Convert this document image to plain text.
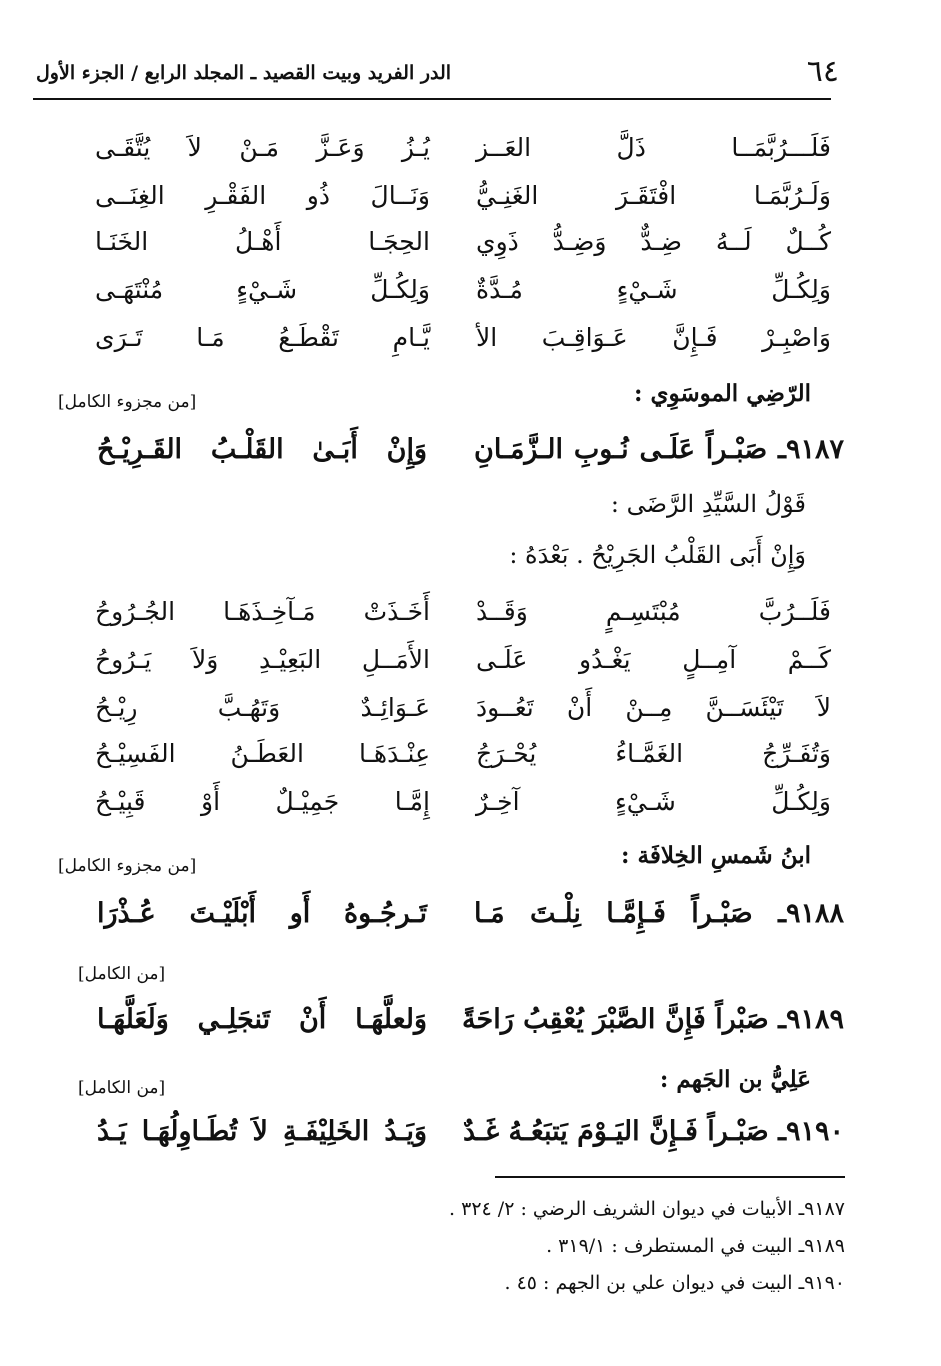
٦٤
الدر الفريد وبيت القصيد ـ المجلد الرابع / الجزء الأول
فَلَـــرُبَّمَــا ذَلَّ العَــز
يُـزُ وَعَـزَّ مَـنْ لاَ يُتَّقَـى
وَلَـرُبَّمَـا افْتَقَـرَ الغَنِـيُّ
وَنَــالَ ذُو الفَقْـرِ الغِنَــى
كُــلٌ لَــهُ ضِـدٌّ وَضِـدُّ ذَوِي
الحِجَـا أَهْـلُ الخَنَـا
وَلِكُـلِّ شَـيْءٍ مُـدَّةٌ
وَلِكُـلِّ شَـيْءٍ مُنْتَهَـى
وَاصْبِـرْ فَـإِنَّ عَـوَاقِـبَ الأ
يَّـامِ تَقْطَـعُ مَـا تَـرَى
الرّضِي الموسَوِي :
[من مجزوء الكامل]
٩١٨٧ـ صَبْـراً عَلَـى نُـوبِ الـزَّمَـانِ
وَإِنْ أَبَـىٰ القَلْـبُ القَـرِيْـحُ
قَوْلُ السَّيِّدِ الرَّضَى :
وَإِنْ أَبَى القَلْبُ الجَرِيْحُ . بَعْدَهُ :
فَلَــرُبَّ مُبْتَسِـمٍ وَقَــدْ
أَخَـذَتْ مَـآخِـذَهَـا الجُـرُوحُ
كَــمْ آمِــلٍ يَغْـدُو عَلَـى
الأَمَــلِ البَعِيْـدِ وَلاَ يَـرُوحُ
لاَ تَيْئَسَــنَّ مِــنْ أَنْ تَعُــودَ
عَـوَائِـدٌ وَتَهُـبَّ رِيْـحُ
وَتُفَـرِّجُ الغَمَّـاءُ يُحْـرَجُ
عِنْـدَهَـا العَطَـنُ الفَسِيْـحُ
وَلِكُـلِّ شَـيْءٍ آخِـرٌ
إِمَّـا جَمِيْـلٌ أَوْ قَبِيْـحُ
ابنُ شَمسِ الخِلافَة :
[من مجزوء الكامل]
٩١٨٨ـ صَبْـراً فَـإِمَّـا نِلْـتَ مَـا
تَـرجُـوهُ أَو أَبْلَيْـتَ عُـذْرَا
[من الكامل]
٩١٨٩ـ صَبْراً فَإِنَّ الصَّبْرَ يُعْقِبُ رَاحَةً
وَلعلَّهَـا أَنْ تَنجَلِـي وَلَعَلَّهَـا
عَلِيُّ بن الجَهم :
[من الكامل]
٩١٩٠ـ صَبْـراً فَـإِنَّ اليَـوْمَ يَتبَعُـهُ غَـدٌ
وَيَـدُ الخَلِيْفَـةِ لاَ تُطَـاوِلُهَـا يَـدُ
٩١٨٧ـ الأبيات في ديوان الشريف الرضي : ٢/ ٣٢٤ .
٩١٨٩ـ البيت في المستطرف : ٣١٩/١ .
٩١٩٠ـ البيت في ديوان علي بن الجهم : ٤٥ .
